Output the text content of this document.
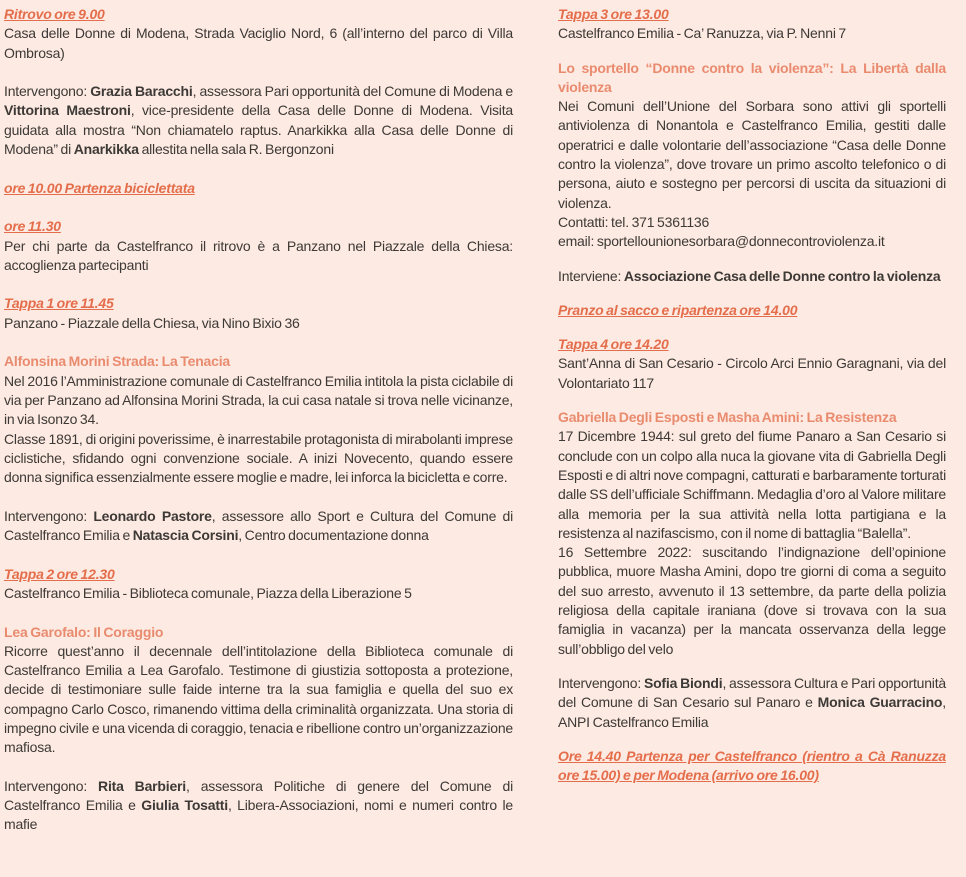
Ritrovo ore 9.00

Casa delle Donne di Modena, Strada Vaciglio Nord, 6 (all’interno del parco di Villa Ombrosa)

Intervengono: Grazia Baracchi, assessora Pari opportunità del Comune di Modena e Vittorina Maestroni, vice-presidente della Casa delle Donne di Modena. Visita guidata alla mostra “Non chiamatelo raptus. Anarkikka alla Casa delle Donne di Modena” di Anarkikka allestita nella sala R. Bergonzoni

ore 10.00 Partenza biciclettata

ore 11.30

Per chi parte da Castelfranco il ritrovo è a Panzano nel Piazzale della Chiesa: accoglienza partecipanti

Tappa 1 ore 11.45

Panzano - Piazzale della Chiesa, via Nino Bixio 36

Alfonsina Morini Strada: La Tenacia

Nel 2016 l’Amministrazione comunale di Castelfranco Emilia intitola la pista ciclabile di via per Panzano ad Alfonsina Morini Strada, la cui casa natale si trova nelle vicinanze, in via Isonzo 34.

Classe 1891, di origini poverissime, è inarrestabile protagonista di mirabolanti imprese ciclistiche, sfidando ogni convenzione sociale. A inizi Novecento, quando essere donna significa essenzialmente essere moglie e madre, lei inforca la bicicletta e corre.

Intervengono: Leonardo Pastore, assessore allo Sport e Cultura del Comune di Castelfranco Emilia e Natascia Corsini, Centro documentazione donna

Tappa 2 ore 12.30

Castelfranco Emilia - Biblioteca comunale, Piazza della Liberazione 5

Lea Garofalo: Il Coraggio

Ricorre quest’anno il decennale dell’intitolazione della Biblioteca comunale di Castelfranco Emilia a Lea Garofalo. Testimone di giustizia sottoposta a protezione, decide di testimoniare sulle faide interne tra la sua famiglia e quella del suo ex compagno Carlo Cosco, rimanendo vittima della criminalità organizzata. Una storia di impegno civile e una vicenda di coraggio, tenacia e ribellione contro un’organizzazione mafiosa.

Intervengono: Rita Barbieri, assessora Politiche di genere del Comune di Castelfranco Emilia e Giulia Tosatti, Libera-Associazioni, nomi e numeri contro le mafie

Tappa 3 ore 13.00

Castelfranco Emilia - Ca’ Ranuzza, via P. Nenni 7

Lo sportello “Donne contro la violenza”: La Libertà dalla violenza

Nei Comuni dell’Unione del Sorbara sono attivi gli sportelli antiviolenza di Nonantola e Castelfranco Emilia, gestiti dalle operatrici e dalle volontarie dell’associazione “Casa delle Donne contro la violenza”, dove trovare un primo ascolto telefonico o di persona, aiuto e sostegno per percorsi di uscita da situazioni di violenza.

Contatti: tel. 371 5361136

email: sportellounionesorbara@donnecontroviolenza.it

Interviene: Associazione Casa delle Donne contro la violenza

Pranzo al sacco e ripartenza ore 14.00

Tappa 4 ore 14.20

Sant’Anna di San Cesario - Circolo Arci Ennio Garagnani, via del Volontariato 117

Gabriella Degli Esposti e Masha Amini: La Resistenza

17 Dicembre 1944: sul greto del fiume Panaro a San Cesario si conclude con un colpo alla nuca la giovane vita di Gabriella Degli Esposti e di altri nove compagni, catturati e barbaramente torturati dalle SS dell’ufficiale Schiffmann. Medaglia d’oro al Valore militare alla memoria per la sua attività nella lotta partigiana e la resistenza al nazifascismo, con il nome di battaglia “Balella”.

16 Settembre 2022: suscitando l’indignazione dell’opinione pubblica, muore Masha Amini, dopo tre giorni di coma a seguito del suo arresto, avvenuto il 13 settembre, da parte della polizia religiosa della capitale iraniana (dove si trovava con la sua famiglia in vacanza) per la mancata osservanza della legge sull’obbligo del velo

Intervengono: Sofia Biondi, assessora Cultura e Pari opportunità del Comune di San Cesario sul Panaro e Monica Guarracino, ANPI Castelfranco Emilia

Ore 14.40 Partenza per Castelfranco (rientro a Cà Ranuzza ore 15.00) e per Modena (arrivo ore 16.00)
